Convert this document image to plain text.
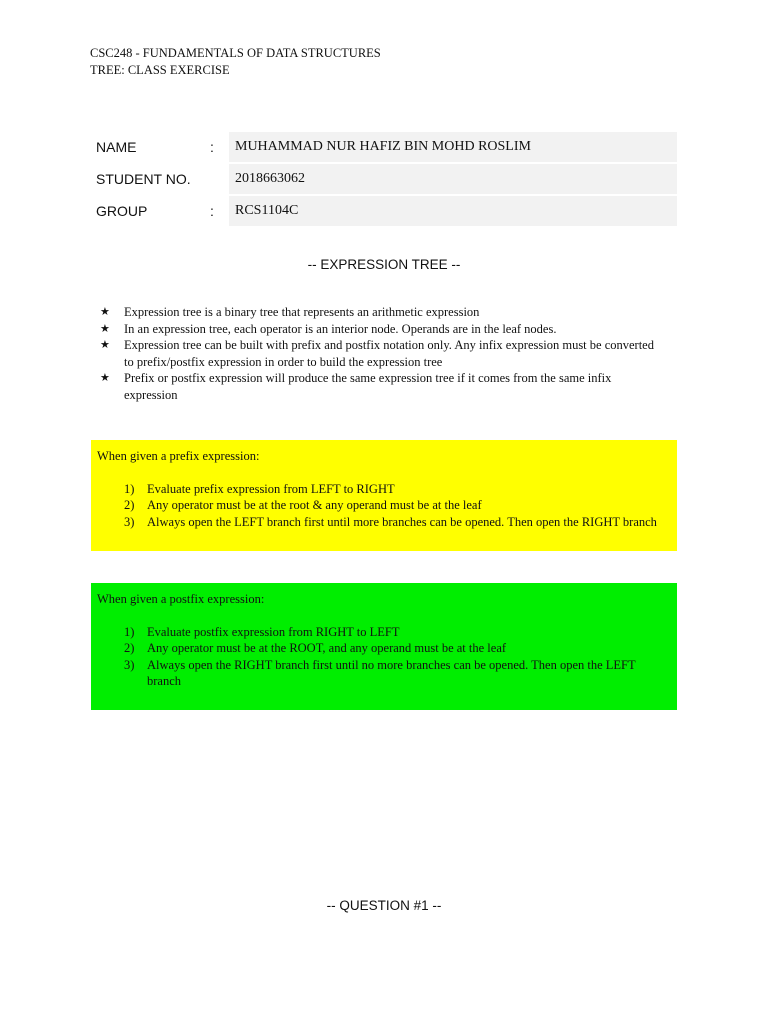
CSC248 - FUNDAMENTALS OF DATA STRUCTURES
TREE: CLASS EXERCISE
NAME	:	MUHAMMAD NUR HAFIZ BIN MOHD ROSLIM
STUDENT NO.	2018663062
GROUP	:	RCS1104C
-- EXPRESSION TREE --
★ Expression tree is a binary tree that represents an arithmetic expression
★ In an expression tree, each operator is an interior node. Operands are in the leaf nodes.
★ Expression tree can be built with prefix and postfix notation only. Any infix expression must be converted to prefix/postfix expression in order to build the expression tree
★ Prefix or postfix expression will produce the same expression tree if it comes from the same infix expression
When given a prefix expression:
1) Evaluate prefix expression from LEFT to RIGHT
2) Any operator must be at the root & any operand must be at the leaf
3) Always open the LEFT branch first until more branches can be opened. Then open the RIGHT branch
When given a postfix expression:
1) Evaluate postfix expression from RIGHT to LEFT
2) Any operator must be at the ROOT, and any operand must be at the leaf
3) Always open the RIGHT branch first until no more branches can be opened. Then open the LEFT branch
-- QUESTION #1 --
